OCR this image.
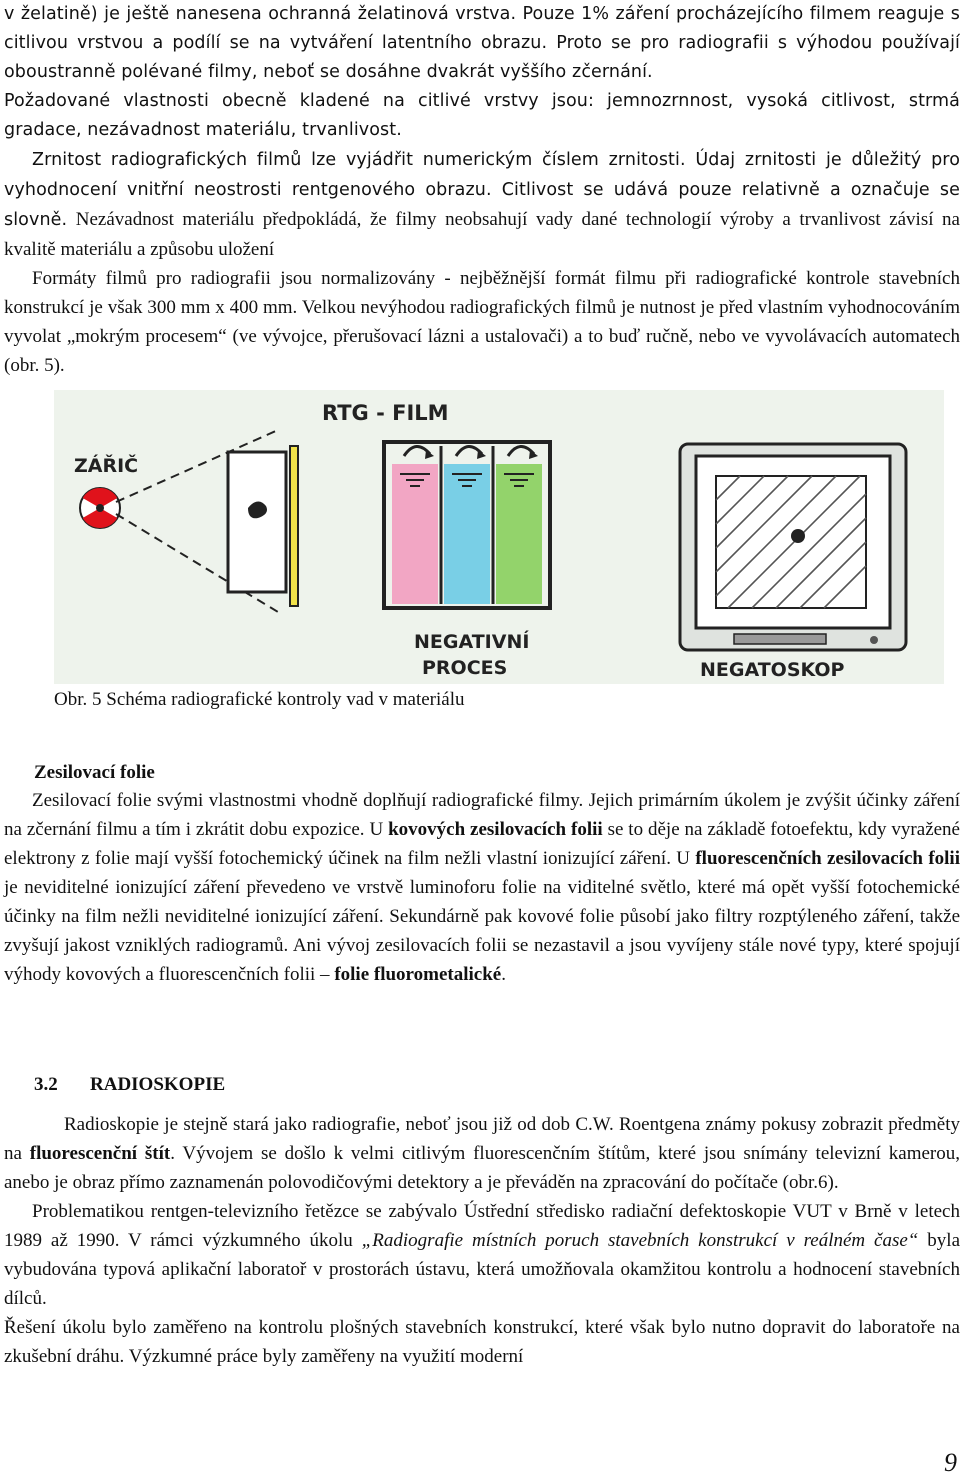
v želatině) je ještě nanesena ochranná želatinová vrstva. Pouze 1% záření procházejícího filmem reaguje s citlivou vrstvou a podílí se na vytváření latentního obrazu. Proto se pro radiografii s výhodou používají oboustranně polévané filmy, neboť se dosáhne dvakrát vyššího zčernání.

Požadované vlastnosti obecně kladené na citlivé vrstvy jsou: jemnozrnnost, vysoká citlivost, strmá gradace, nezávadnost materiálu, trvanlivost.

Zrnitost radiografických filmů lze vyjádřit numerickým číslem zrnitosti. Údaj zrnitosti je důležitý pro vyhodnocení vnitřní neostrosti rentgenového obrazu. Citlivost se udává pouze relativně a označuje se slovně. Nezávadnost materiálu předpokládá, že filmy neobsahují vady dané technologií výroby a trvanlivost závisí na kvalitě materiálu a způsobu uložení

Formáty filmů pro radiografii jsou normalizovány - nejběžnější formát filmu při radiografické kontrole stavebních konstrukcí je však 300 mm x 400 mm. Velkou nevýhodou radiografických filmů je nutnost je před vlastním vyhodnocováním vyvolat „mokrým procesem“ (ve vývojce, přerušovací lázni a ustalovači) a to buď ručně, nebo ve vyvolávacích automatech (obr. 5).

ZÁŘIČ
RTG - FILM
NEGATIVNÍ
PROCES	NEGATOSKOP
Obr. 5 Schéma radiografické kontroly vad v materiálu
Zesilovací folie

Zesilovací folie svými vlastnostmi vhodně doplňují radiografické filmy. Jejich primárním úkolem je zvýšit účinky záření na zčernání filmu a tím i zkrátit dobu expozice. U kovových zesilovacích folii se to děje na základě fotoefektu, kdy vyražené elektrony z folie mají vyšší fotochemický účinek na film nežli vlastní ionizující záření. U fluorescenčních zesilovacích folii je neviditelné ionizující záření převedeno ve vrstvě luminoforu folie na viditelné světlo, které má opět vyšší fotochemické účinky na film nežli neviditelné ionizující záření. Sekundárně pak kovové folie působí jako filtry rozptýleného záření, takže zvyšují jakost vzniklých radiogramů. Ani vývoj zesilovacích folii se nezastavil a jsou vyvíjeny stále nové typy, které spojují výhody kovových a fluorescenčních folii – folie fluorometalické.

3.2 RADIOSKOPIE

Radioskopie je stejně stará jako radiografie, neboť jsou již od dob C.W. Roentgena známy pokusy zobrazit předměty na fluorescenční štít. Vývojem se došlo k velmi citlivým fluorescenčním štítům, které jsou snímány televizní kamerou, anebo je obraz přímo zaznamenán polovodičovými detektory a je převáděn na zpracování do počítače (obr.6).

Problematikou rentgen-televizního řetězce se zabývalo Ústřední středisko radiační defektoskopie VUT v Brně v letech 1989 až 1990. V rámci výzkumného úkolu „Radiografie místních poruch stavebních konstrukcí v reálném čase“ byla vybudována typová aplikační laboratoř v prostorách ústavu, která umožňovala okamžitou kontrolu a hodnocení stavebních dílců.

Řešení úkolu bylo zaměřeno na kontrolu plošných stavebních konstrukcí, které však bylo nutno dopravit do laboratoře na zkušební dráhu. Výzkumné práce byly zaměřeny na využití moderní

9
